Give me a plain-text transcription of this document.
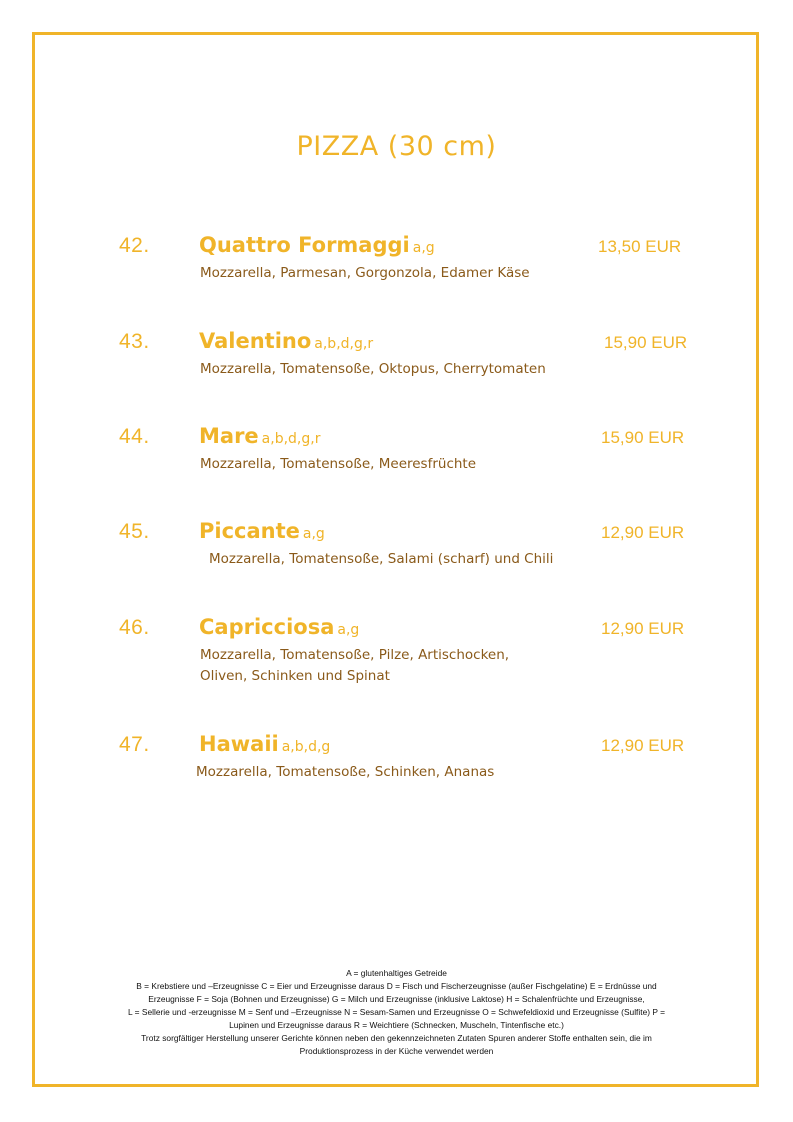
PIZZA (30 cm)
42. Quattro Formaggi a,g	13,50 EUR
Mozzarella, Parmesan, Gorgonzola, Edamer Käse
43. Valentino a,b,d,g,r	15,90 EUR
Mozzarella, Tomatensoße, Oktopus, Cherrytomaten
44. Mare a,b,d,g,r	15,90 EUR
Mozzarella, Tomatensoße, Meeresfrüchte
45. Piccante a,g	12,90 EUR
Mozzarella, Tomatensoße, Salami (scharf) und Chili
46. Capricciosa a,g	12,90 EUR
Mozzarella, Tomatensoße, Pilze, Artischocken,
Oliven, Schinken und Spinat
47. Hawaii a,b,d,g	12,90 EUR
Mozzarella, Tomatensoße, Schinken, Ananas
A = glutenhaltiges Getreide
B = Krebstiere und –Erzeugnisse C = Eier und Erzeugnisse daraus D = Fisch und Fischerzeugnisse (außer Fischgelatine) E = Erdnüsse und
Erzeugnisse F = Soja (Bohnen und Erzeugnisse) G = Milch und Erzeugnisse (inklusive Laktose) H = Schalenfrüchte und Erzeugnisse,
L = Sellerie und -erzeugnisse M = Senf und –Erzeugnisse N = Sesam-Samen und Erzeugnisse O = Schwefeldioxid und Erzeugnisse (Sulfite) P =
Lupinen und Erzeugnisse daraus R = Weichtiere (Schnecken, Muscheln, Tintenfische etc.)
Trotz sorgfältiger Herstellung unserer Gerichte können neben den gekennzeichneten Zutaten Spuren anderer Stoffe enthalten sein, die im
Produktionsprozess in der Küche verwendet werden
